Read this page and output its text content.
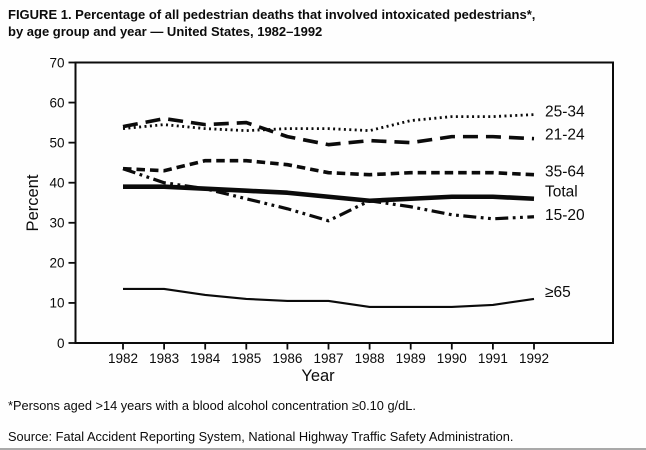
FIGURE 1. Percentage of all pedestrian deaths that involved intoxicated pedestrians*,
by age group and year — United States, 1982–1992
0
10
20
30
40
50
60
70
1982 1983 1984 1985 1986 1987 1988 1989 1990 1991 1992
Percent
Year
25-34
21-24
35-64
Total
15-20
≥65
*Persons aged >14 years with a blood alcohol concentration ≥0.10 g/dL.
Source: Fatal Accident Reporting System, National Highway Traffic Safety Administration.
